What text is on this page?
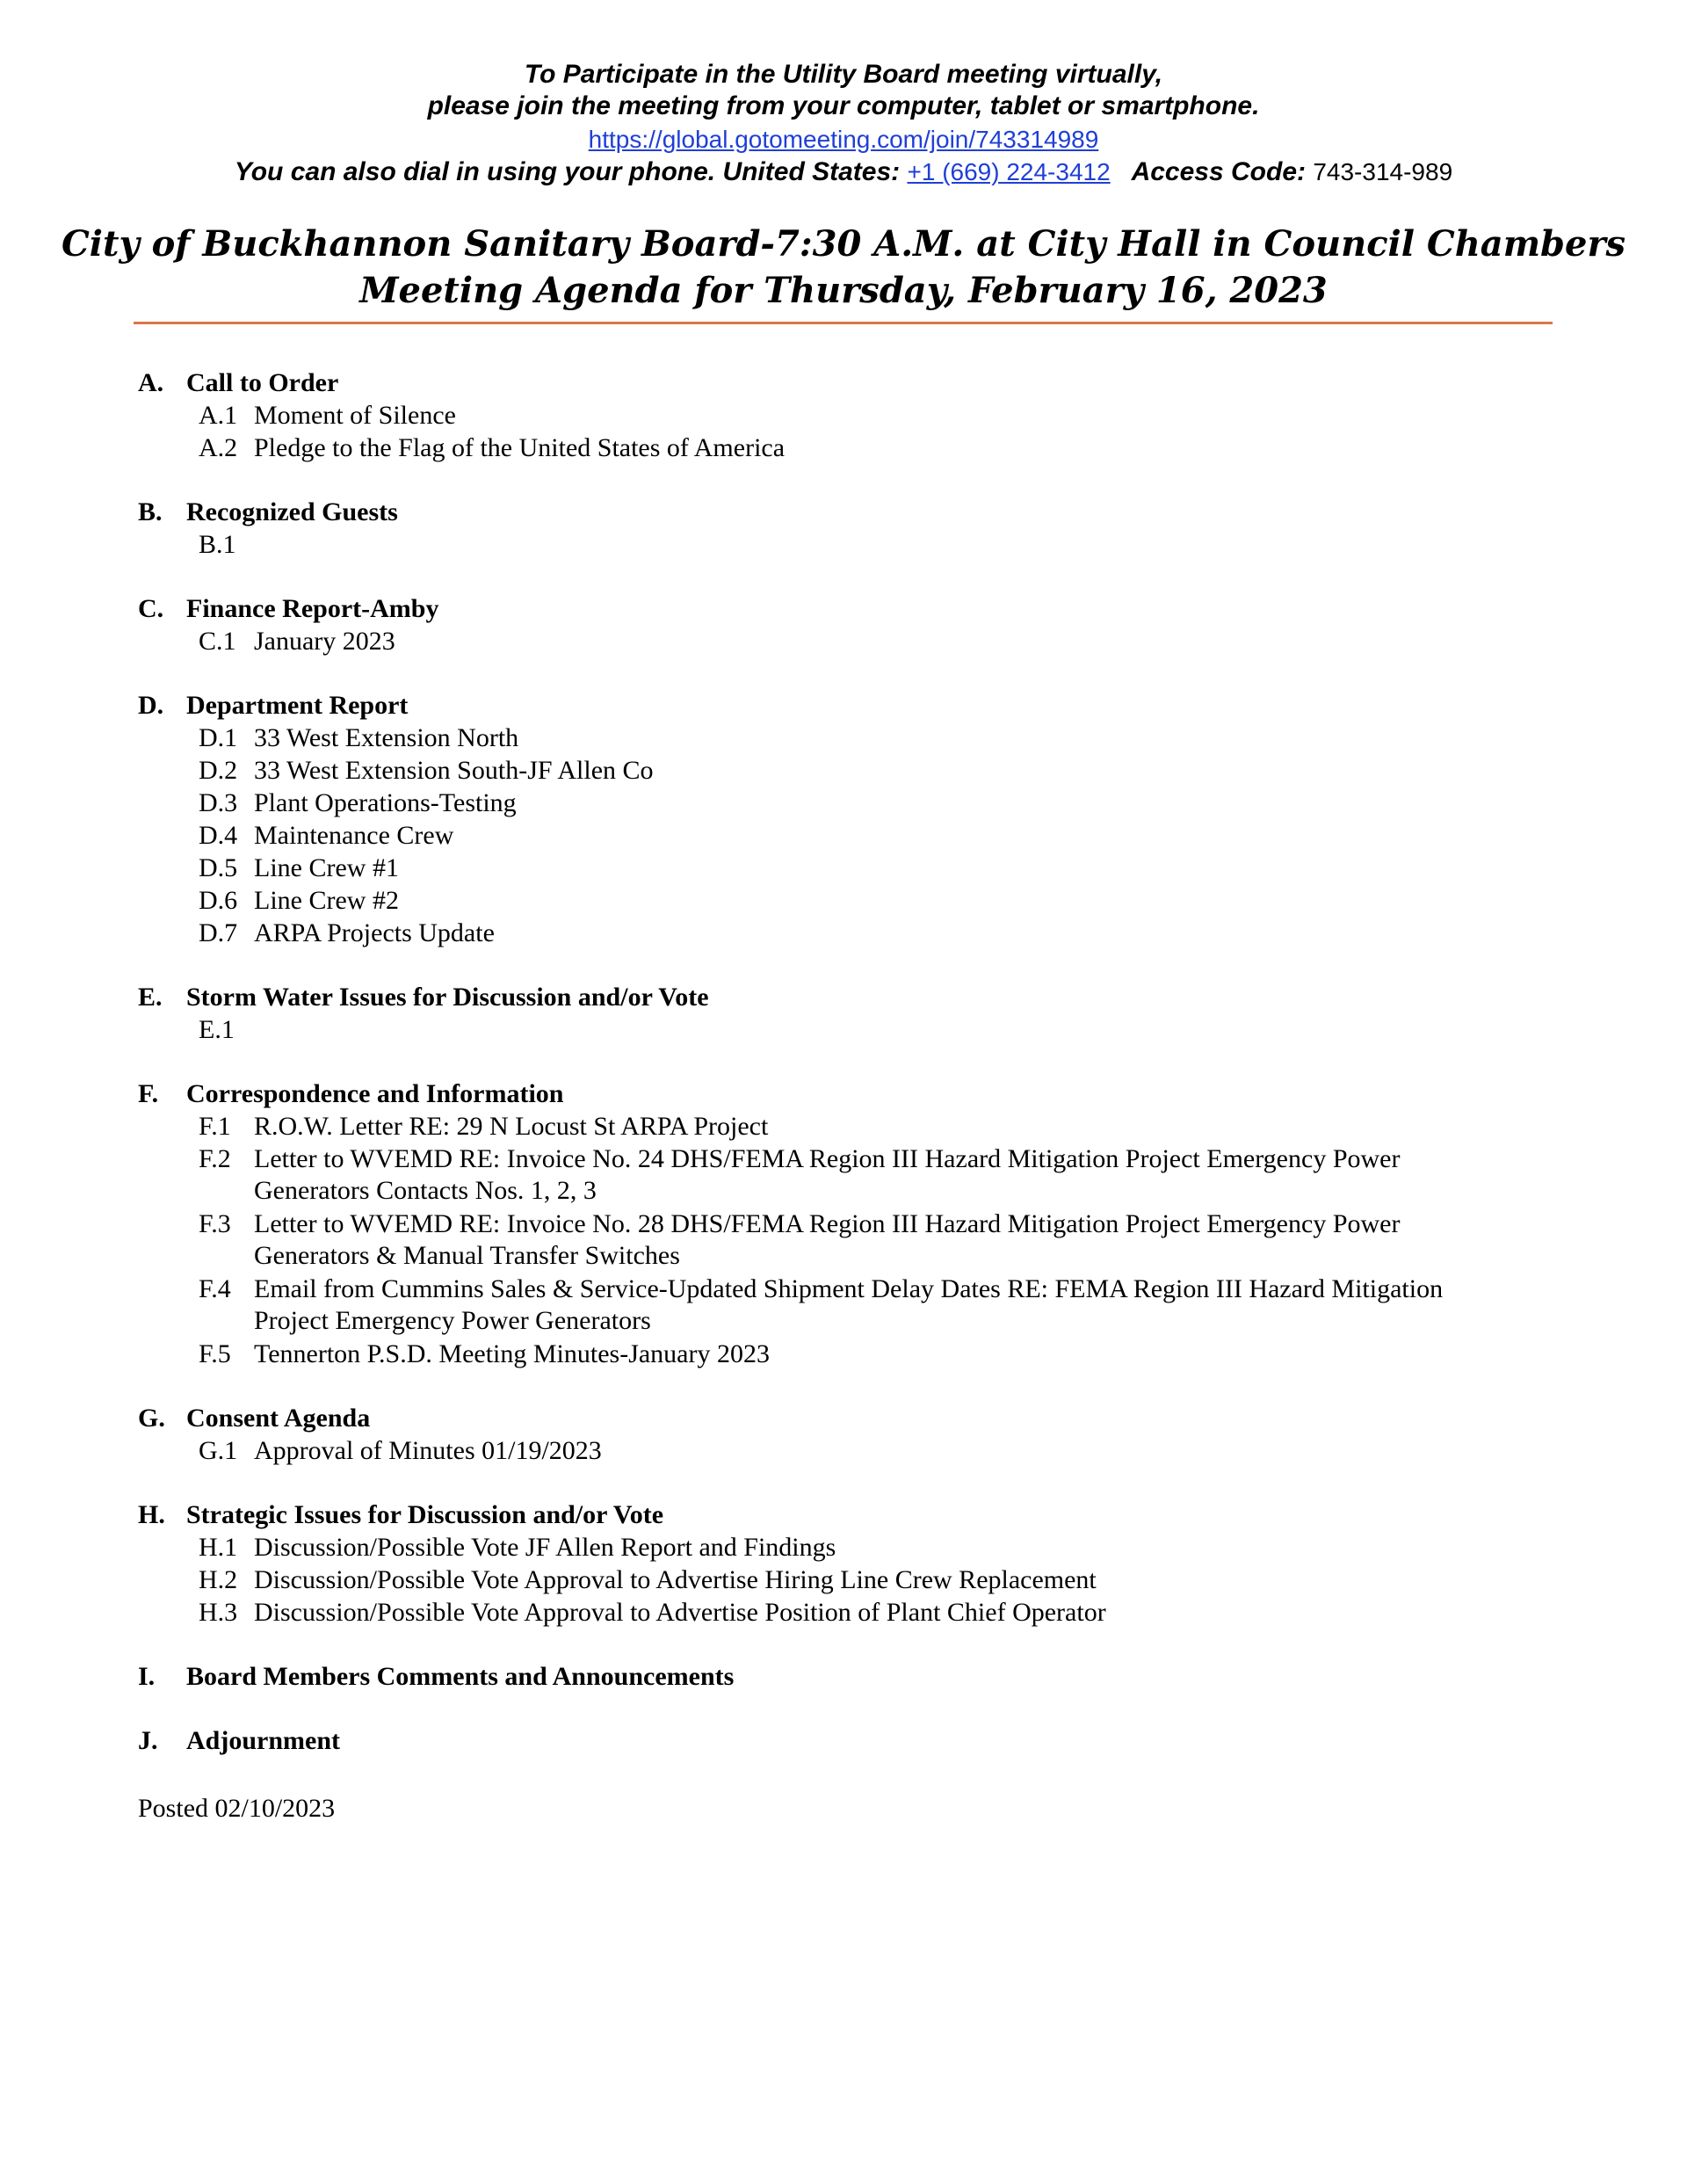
To Participate in the Utility Board meeting virtually,
please join the meeting from your computer, tablet or smartphone.
https://global.gotomeeting.com/join/743314989
You can also dial in using your phone. United States: +1 (669) 224-3412 Access Code: 743-314-989
City of Buckhannon Sanitary Board-7:30 A.M. at City Hall in Council Chambers
Meeting Agenda for Thursday, February 16, 2023
A. Call to Order
A.1 Moment of Silence
A.2 Pledge to the Flag of the United States of America
B. Recognized Guests
B.1
C. Finance Report-Amby
C.1 January 2023
D. Department Report
D.1 33 West Extension North
D.2 33 West Extension South-JF Allen Co
D.3 Plant Operations-Testing
D.4 Maintenance Crew
D.5 Line Crew #1
D.6 Line Crew #2
D.7 ARPA Projects Update
E. Storm Water Issues for Discussion and/or Vote
E.1
F. Correspondence and Information
F.1 R.O.W. Letter RE: 29 N Locust St ARPA Project
F.2 Letter to WVEMD RE: Invoice No. 24 DHS/FEMA Region III Hazard Mitigation Project Emergency Power
Generators Contacts Nos. 1, 2, 3
F.3 Letter to WVEMD RE: Invoice No. 28 DHS/FEMA Region III Hazard Mitigation Project Emergency Power
Generators & Manual Transfer Switches
F.4 Email from Cummins Sales & Service-Updated Shipment Delay Dates RE: FEMA Region III Hazard Mitigation
Project Emergency Power Generators
F.5 Tennerton P.S.D. Meeting Minutes-January 2023
G. Consent Agenda
G.1 Approval of Minutes 01/19/2023
H. Strategic Issues for Discussion and/or Vote
H.1 Discussion/Possible Vote JF Allen Report and Findings
H.2 Discussion/Possible Vote Approval to Advertise Hiring Line Crew Replacement
H.3 Discussion/Possible Vote Approval to Advertise Position of Plant Chief Operator
I. Board Members Comments and Announcements
J. Adjournment
Posted 02/10/2023
